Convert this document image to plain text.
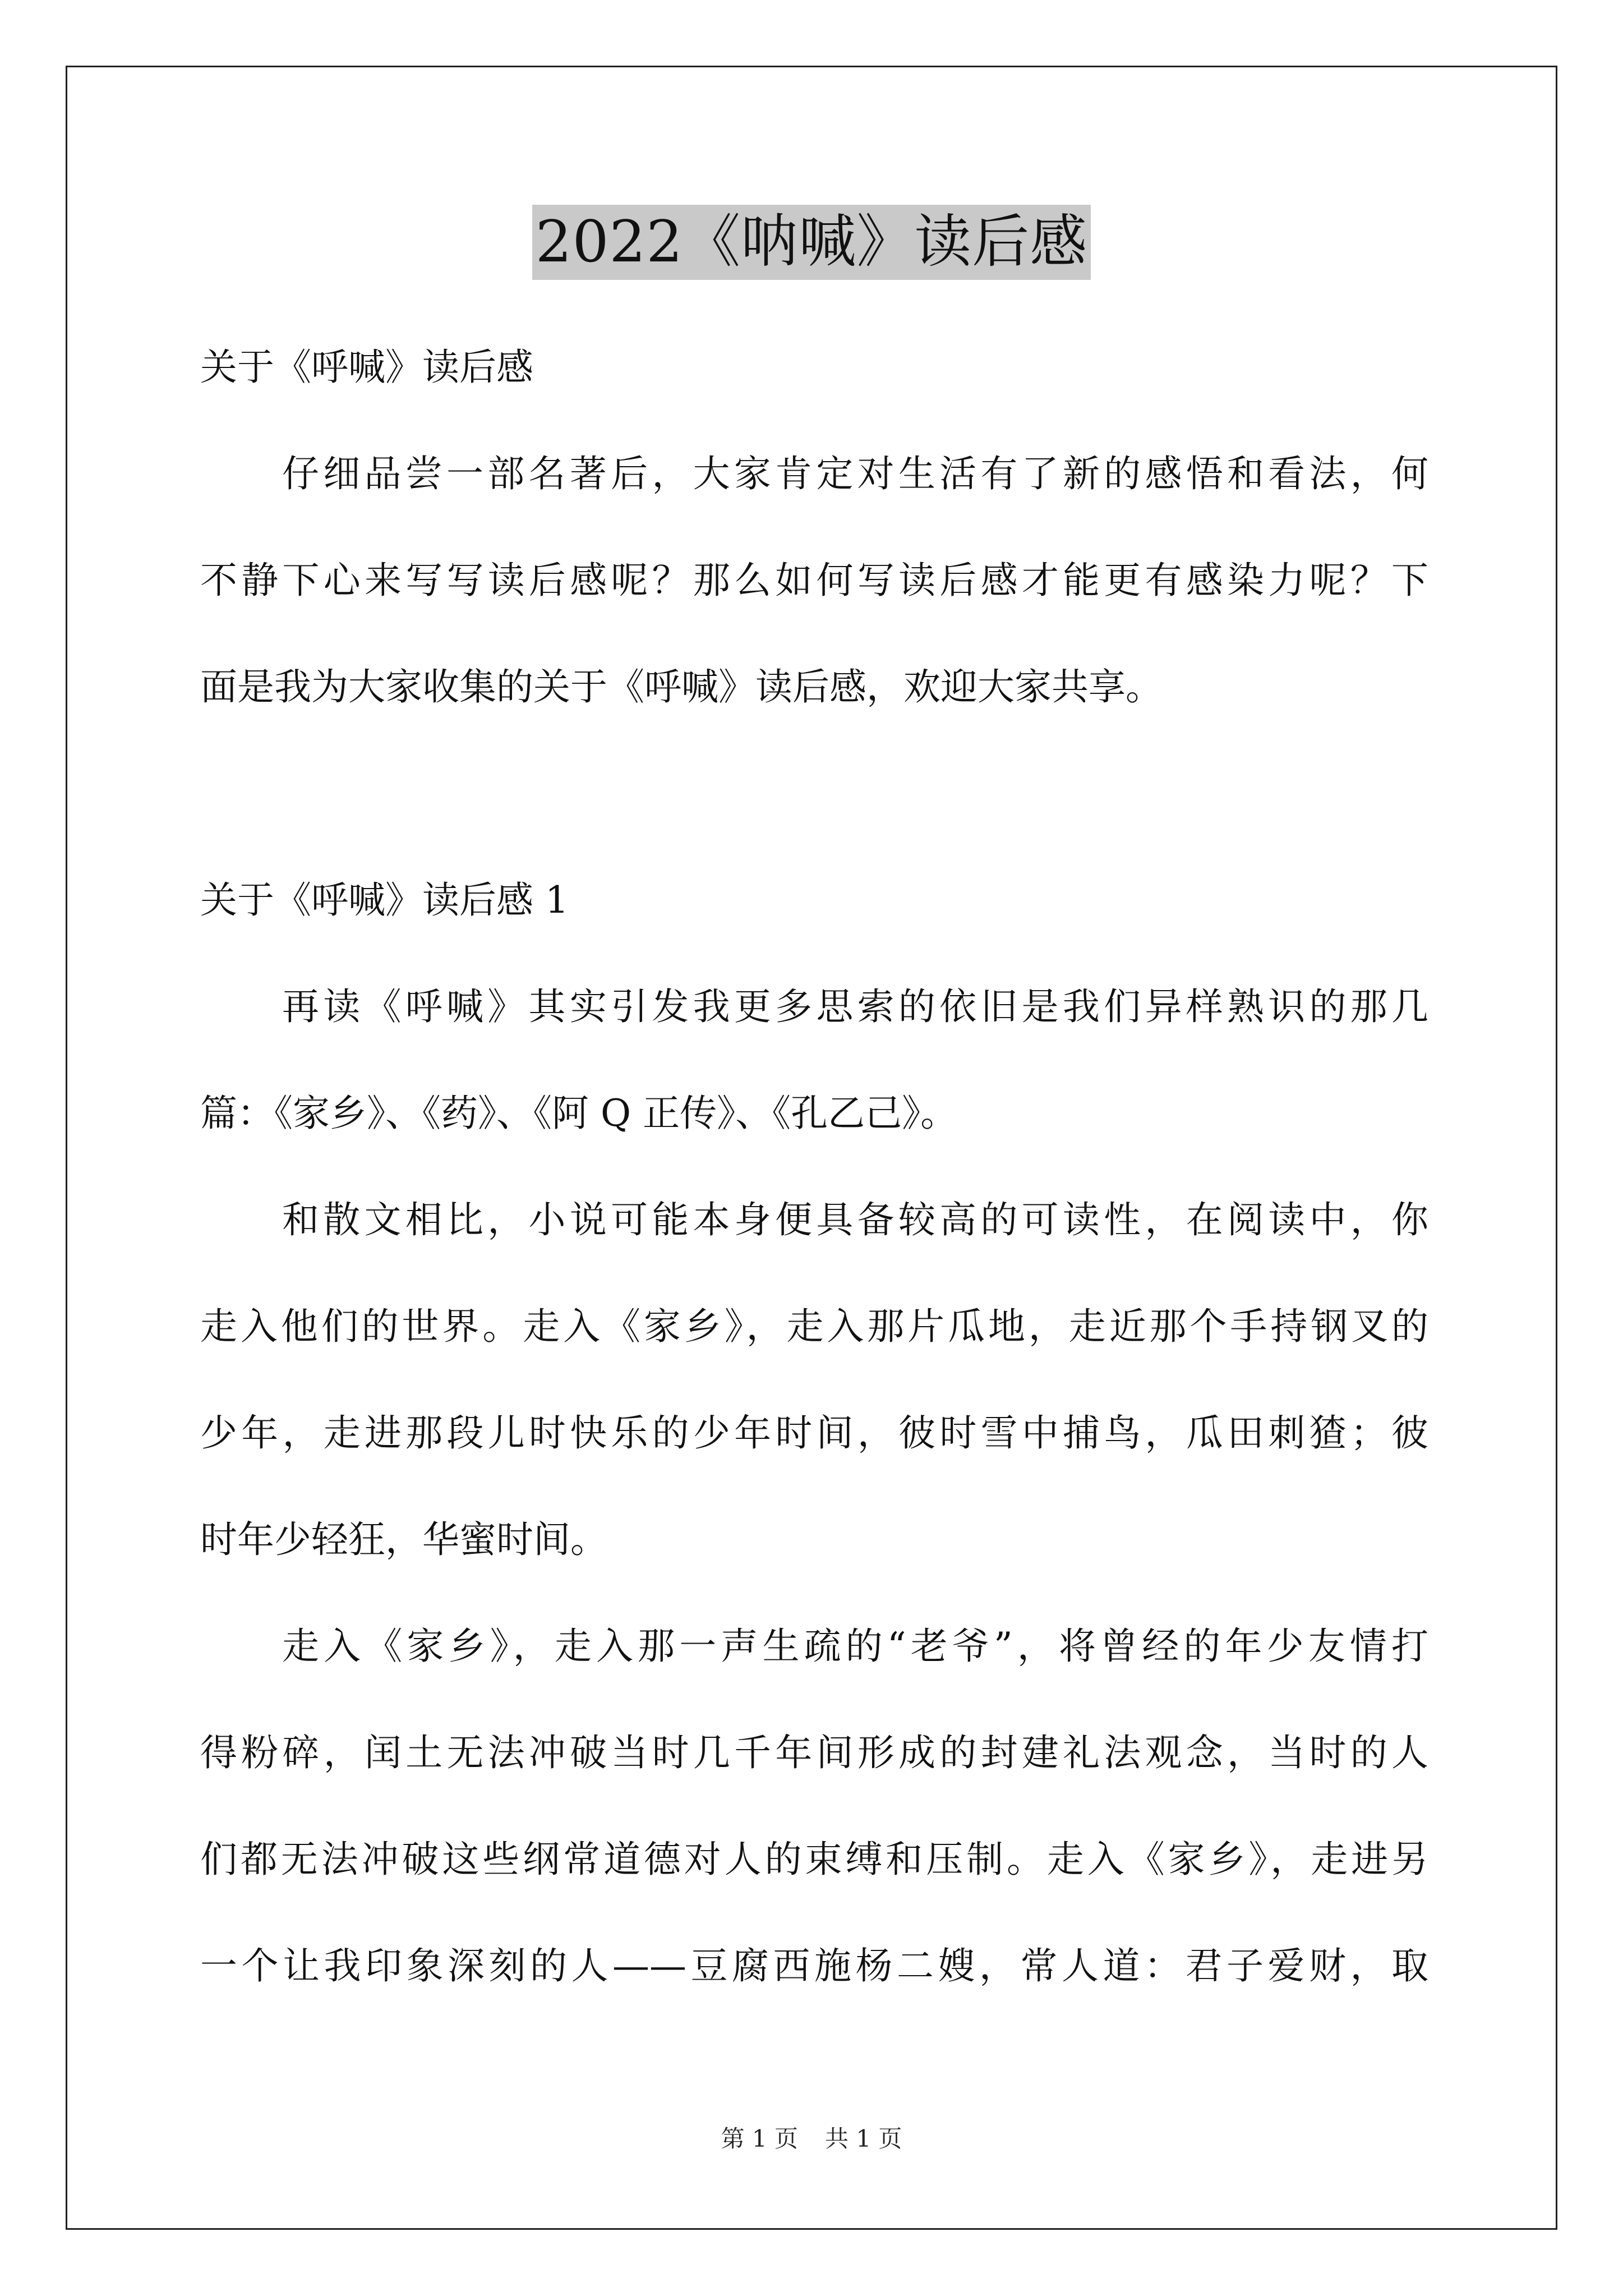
2022《呐喊》读后感
关于《呼喊》读后感
仔细品尝一部名著后，大家肯定对生活有了新的感悟和看法，何
不静下心来写写读后感呢？那么如何写读后感才能更有感染力呢？下
面是我为大家收集的关于《呼喊》读后感，欢迎大家共享。
关于《呼喊》读后感 1
再读《呼喊》其实引发我更多思索的依旧是我们异样熟识的那几
篇：《家乡》、《药》、《阿 Q 正传》、《孔乙己》。
和散文相比，小说可能本身便具备较高的可读性，在阅读中，你
走入他们的世界。走入《家乡》，走入那片瓜地，走近那个手持钢叉的
少年，走进那段儿时快乐的少年时间，彼时雪中捕鸟，瓜田刺猹；彼
时年少轻狂，华蜜时间。
走入《家乡》，走入那一声生疏的“老爷”，将曾经的年少友情打
得粉碎，闰土无法冲破当时几千年间形成的封建礼法观念，当时的人
们都无法冲破这些纲常道德对人的束缚和压制。走入《家乡》，走进另
一个让我印象深刻的人——豆腐西施杨二嫂，常人道：君子爱财，取
第 1 页 共 1 页
